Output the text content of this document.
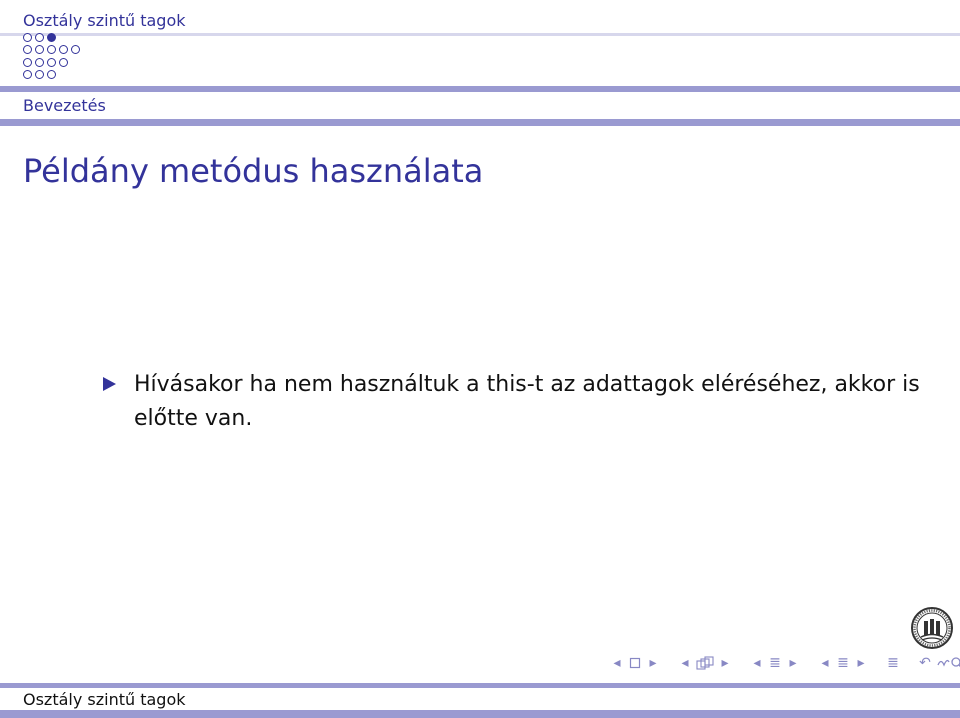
Osztály szintű tagok
Bevezetés
Példány metódus használata
Hívásakor ha nem használtuk a this-t az adattagok eléréséhez, akkor is előtte van.
◂ ▸ ◂ ▸ ◂ ≣ ▸ ◂ ≣ ▸ ≣ ↶
Osztály szintű tagok
